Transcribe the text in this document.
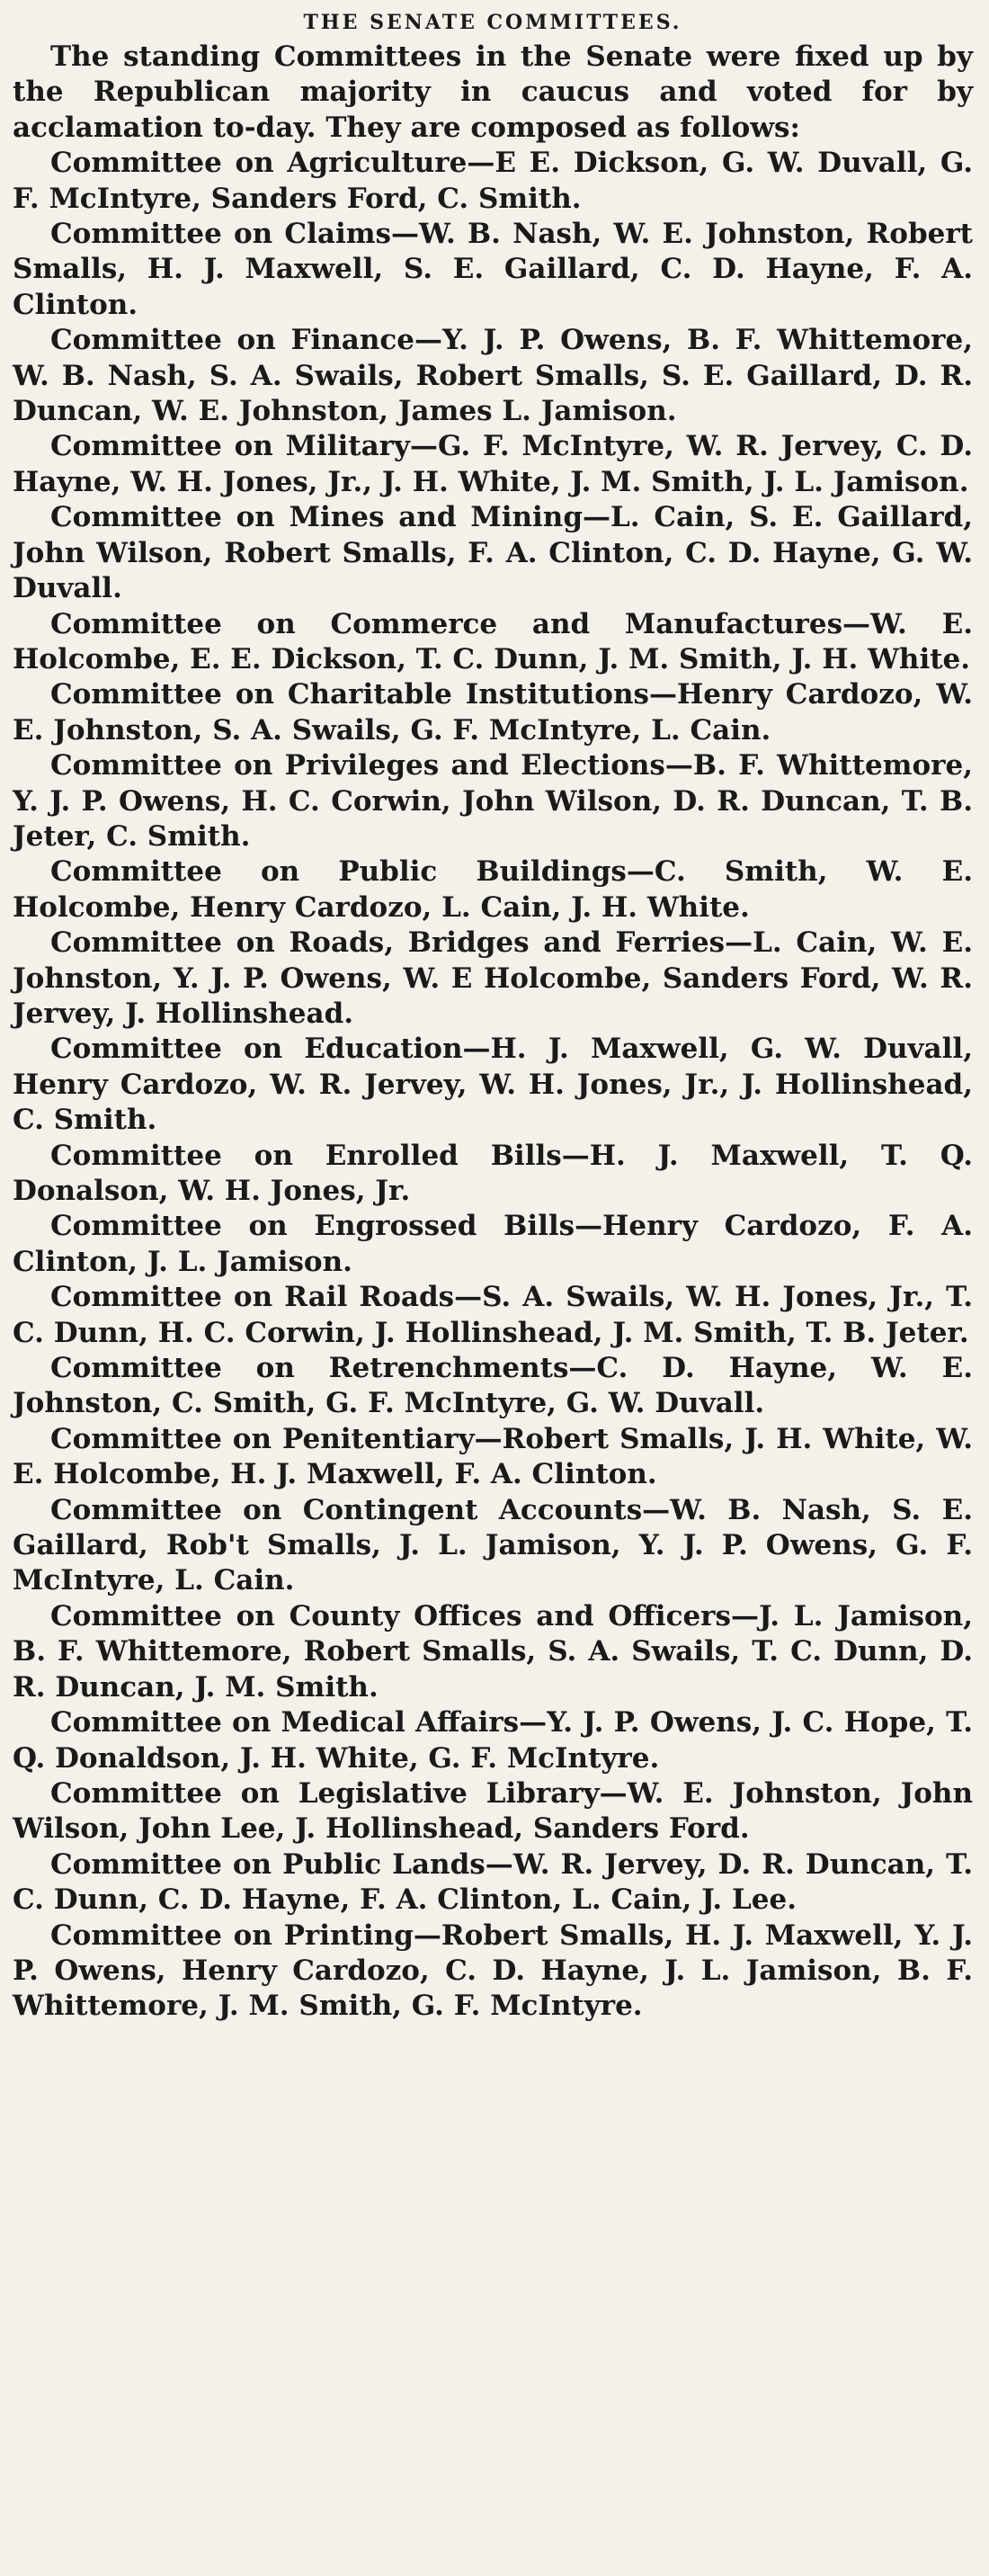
THE SENATE COMMITTEES.

The standing Committees in the Senate were fixed up by the Republican majority in caucus and voted for by acclamation to-day. They are composed as follows:

Committee on Agriculture—E E. Dickson, G. W. Duvall, G. F. McIntyre, Sanders Ford, C. Smith.

Committee on Claims—W. B. Nash, W. E. Johnston, Robert Smalls, H. J. Maxwell, S. E. Gaillard, C. D. Hayne, F. A. Clinton.

Committee on Finance—Y. J. P. Owens, B. F. Whittemore, W. B. Nash, S. A. Swails, Robert Smalls, S. E. Gaillard, D. R. Duncan, W. E. Johnston, James L. Jamison.

Committee on Military—G. F. McIntyre, W. R. Jervey, C. D. Hayne, W. H. Jones, Jr., J. H. White, J. M. Smith, J. L. Jamison.

Committee on Mines and Mining—L. Cain, S. E. Gaillard, John Wilson, Robert Smalls, F. A. Clinton, C. D. Hayne, G. W. Duvall.

Committee on Commerce and Manufactures—W. E. Holcombe, E. E. Dickson, T. C. Dunn, J. M. Smith, J. H. White.

Committee on Charitable Institutions—Henry Cardozo, W. E. Johnston, S. A. Swails, G. F. McIntyre, L. Cain.

Committee on Privileges and Elections—B. F. Whittemore, Y. J. P. Owens, H. C. Corwin, John Wilson, D. R. Duncan, T. B. Jeter, C. Smith.

Committee on Public Buildings—C. Smith, W. E. Holcombe, Henry Cardozo, L. Cain, J. H. White.

Committee on Roads, Bridges and Ferries—L. Cain, W. E. Johnston, Y. J. P. Owens, W. E Holcombe, Sanders Ford, W. R. Jervey, J. Hollinshead.

Committee on Education—H. J. Maxwell, G. W. Duvall, Henry Cardozo, W. R. Jervey, W. H. Jones, Jr., J. Hollinshead, C. Smith.

Committee on Enrolled Bills—H. J. Maxwell, T. Q. Donalson, W. H. Jones, Jr.

Committee on Engrossed Bills—Henry Cardozo, F. A. Clinton, J. L. Jamison.

Committee on Rail Roads—S. A. Swails, W. H. Jones, Jr., T. C. Dunn, H. C. Corwin, J. Hollinshead, J. M. Smith, T. B. Jeter.

Committee on Retrenchments—C. D. Hayne, W. E. Johnston, C. Smith, G. F. McIntyre, G. W. Duvall.

Committee on Penitentiary—Robert Smalls, J. H. White, W. E. Holcombe, H. J. Maxwell, F. A. Clinton.

Committee on Contingent Accounts—W. B. Nash, S. E. Gaillard, Rob't Smalls, J. L. Jamison, Y. J. P. Owens, G. F. McIntyre, L. Cain.

Committee on County Offices and Officers—J. L. Jamison, B. F. Whittemore, Robert Smalls, S. A. Swails, T. C. Dunn, D. R. Duncan, J. M. Smith.

Committee on Medical Affairs—Y. J. P. Owens, J. C. Hope, T. Q. Donaldson, J. H. White, G. F. McIntyre.

Committee on Legislative Library—W. E. Johnston, John Wilson, John Lee, J. Hollinshead, Sanders Ford.

Committee on Public Lands—W. R. Jervey, D. R. Duncan, T. C. Dunn, C. D. Hayne, F. A. Clinton, L. Cain, J. Lee.

Committee on Printing—Robert Smalls, H. J. Maxwell, Y. J. P. Owens, Henry Cardozo, C. D. Hayne, J. L. Jamison, B. F. Whittemore, J. M. Smith, G. F. McIntyre.
